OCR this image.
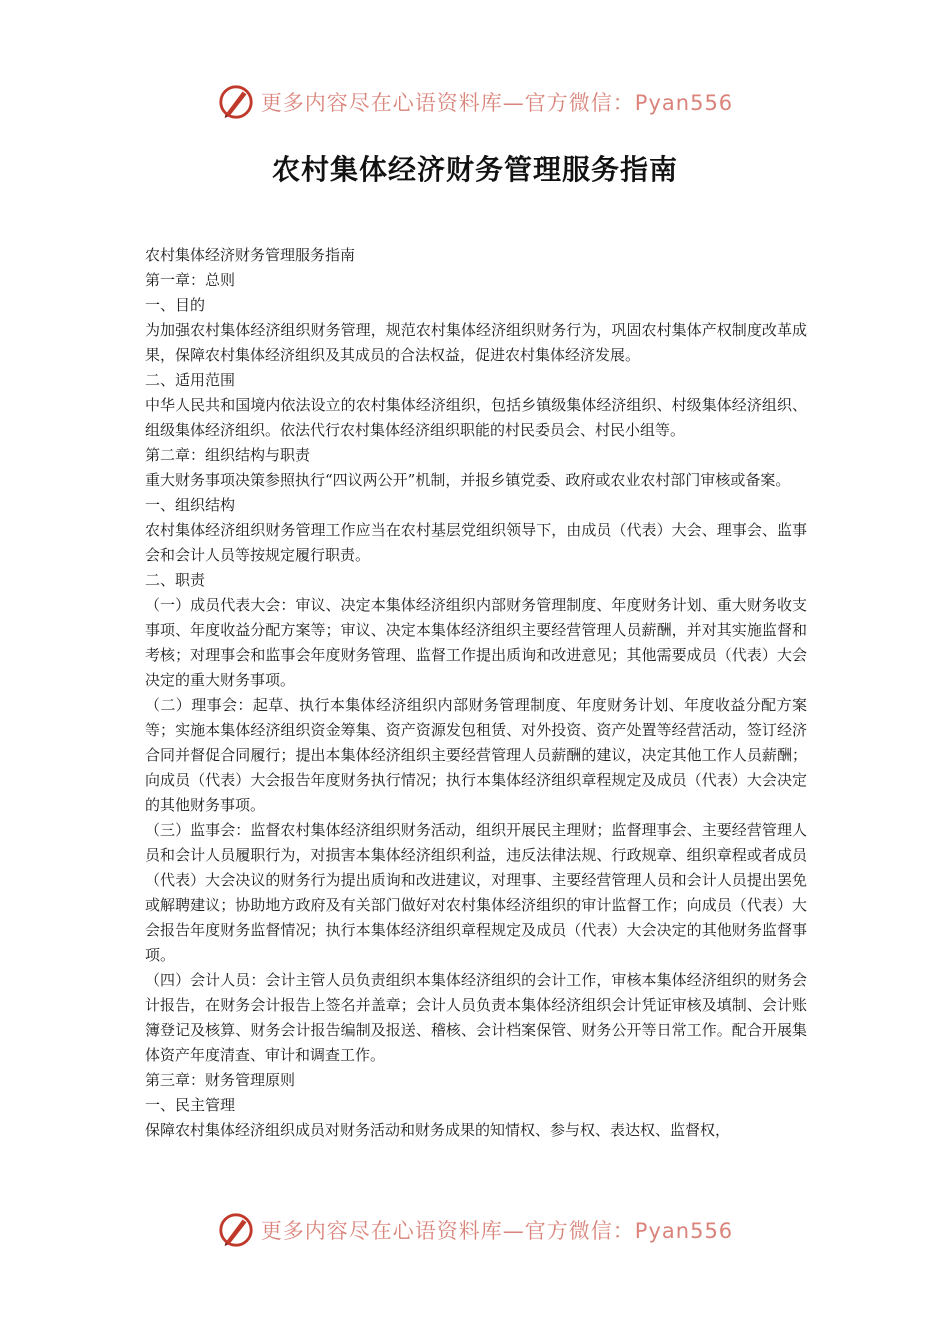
更多内容尽在心语资料库—官方微信：Pyan556
农村集体经济财务管理服务指南

农村集体经济财务管理服务指南

第一章：总则

一、目的

为加强农村集体经济组织财务管理，规范农村集体经济组织财务行为，巩固农村集体产权制度改革成果，保障农村集体经济组织及其成员的合法权益，促进农村集体经济发展。

二、适用范围

中华人民共和国境内依法设立的农村集体经济组织，包括乡镇级集体经济组织、村级集体经济组织、组级集体经济组织。依法代行农村集体经济组织职能的村民委员会、村民小组等。

第二章：组织结构与职责

重大财务事项决策参照执行“四议两公开”机制，并报乡镇党委、政府或农业农村部门审核或备案。

一、组织结构

农村集体经济组织财务管理工作应当在农村基层党组织领导下，由成员（代表）大会、理事会、监事会和会计人员等按规定履行职责。

二、职责

（一）成员代表大会：审议、决定本集体经济组织内部财务管理制度、年度财务计划、重大财务收支事项、年度收益分配方案等；审议、决定本集体经济组织主要经营管理人员薪酬，并对其实施监督和考核；对理事会和监事会年度财务管理、监督工作提出质询和改进意见；其他需要成员（代表）大会决定的重大财务事项。

（二）理事会：起草、执行本集体经济组织内部财务管理制度、年度财务计划、年度收益分配方案等；实施本集体经济组织资金筹集、资产资源发包租赁、对外投资、资产处置等经营活动，签订经济合同并督促合同履行；提出本集体经济组织主要经营管理人员薪酬的建议，决定其他工作人员薪酬；向成员（代表）大会报告年度财务执行情况；执行本集体经济组织章程规定及成员（代表）大会决定的其他财务事项。

（三）监事会：监督农村集体经济组织财务活动，组织开展民主理财；监督理事会、主要经营管理人员和会计人员履职行为，对损害本集体经济组织利益，违反法律法规、行政规章、组织章程或者成员（代表）大会决议的财务行为提出质询和改进建议，对理事、主要经营管理人员和会计人员提出罢免或解聘建议；协助地方政府及有关部门做好对农村集体经济组织的审计监督工作；向成员（代表）大会报告年度财务监督情况；执行本集体经济组织章程规定及成员（代表）大会决定的其他财务监督事项。

（四）会计人员：会计主管人员负责组织本集体经济组织的会计工作，审核本集体经济组织的财务会计报告，在财务会计报告上签名并盖章；会计人员负责本集体经济组织会计凭证审核及填制、会计账簿登记及核算、财务会计报告编制及报送、稽核、会计档案保管、财务公开等日常工作。配合开展集体资产年度清查、审计和调查工作。

第三章：财务管理原则

一、民主管理

保障农村集体经济组织成员对财务活动和财务成果的知情权、参与权、表达权、监督权，

更多内容尽在心语资料库—官方微信：Pyan556
